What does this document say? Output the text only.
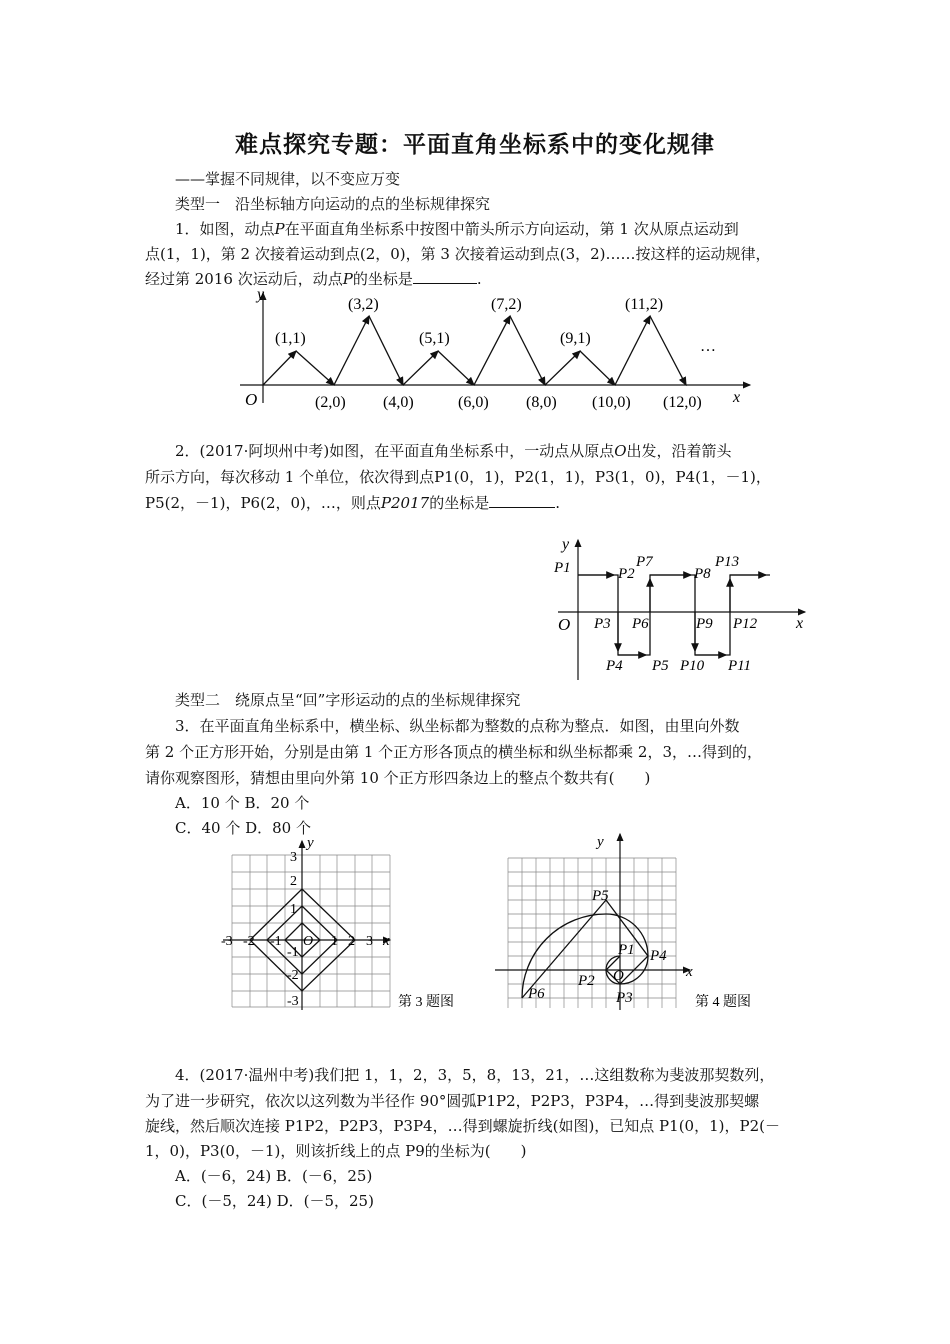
难点探究专题：平面直角坐标系中的变化规律
——掌握不同规律，以不变应万变
类型一　沿坐标轴方向运动的点的坐标规律探究
1．如图，动点P在平面直角坐标系中按图中箭头所示方向运动，第 1 次从原点运动到
点(1，1)，第 2 次接着运动到点(2，0)，第 3 次接着运动到点(3，2)……按这样的运动规律，
经过第 2016 次运动后，动点P的坐标是	.
y
x
O
(1,1)
(3,2)
(5,1)
(7,2)
(9,1)
(11,2)
(2,0) (4,0)	(6,0) (8,0) (10,0) (12,0)
…
2．(2017·阿坝州中考)如图，在平面直角坐标系中，一动点从原点O出发，沿着箭头
所示方向，每次移动 1 个单位，依次得到点P1(0，1)，P2(1，1)，P3(1，0)，P4(1，－1)，
P5(2，－1)，P6(2，0)，…，则点P2017的坐标是	.
y
x
O
P1	P2
P3
P4 P5
P6
P7
P8
P9
P10 P11
P12
P13
类型二　绕原点呈“回”字形运动的点的坐标规律探究
3．在平面直角坐标系中，横坐标、纵坐标都为整数的点称为整点．如图，由里向外数
第 2 个正方形开始，分别是由第 1 个正方形各顶点的横坐标和纵坐标都乘 2，3，…得到的，
请你观察图形，猜想由里向外第 10 个正方形四条边上的整点个数共有(　　)
A．10 个 B．20 个
C．40 个 D．80 个
y
x
-3 -2 -1 O 1 2 3
3
2
1
-1
-2
-3	第 3 题图
y
x
O
P5
P1 P4
P2
P6	P3	第 4 题图
4．(2017·温州中考)我们把 1，1，2，3，5，8，13，21，…这组数称为斐波那契数列，
为了进一步研究，依次以这列数为半径作 90°圆弧P1P2，P2P3，P3P4，…得到斐波那契螺
旋线，然后顺次连接 P1P2，P2P3，P3P4，…得到螺旋折线(如图)，已知点 P1(0，1)，P2(－
1，0)，P3(0，－1)，则该折线上的点 P9的坐标为(　　)
A．(－6，24) B．(－6，25)
C．(－5，24) D．(－5，25)
